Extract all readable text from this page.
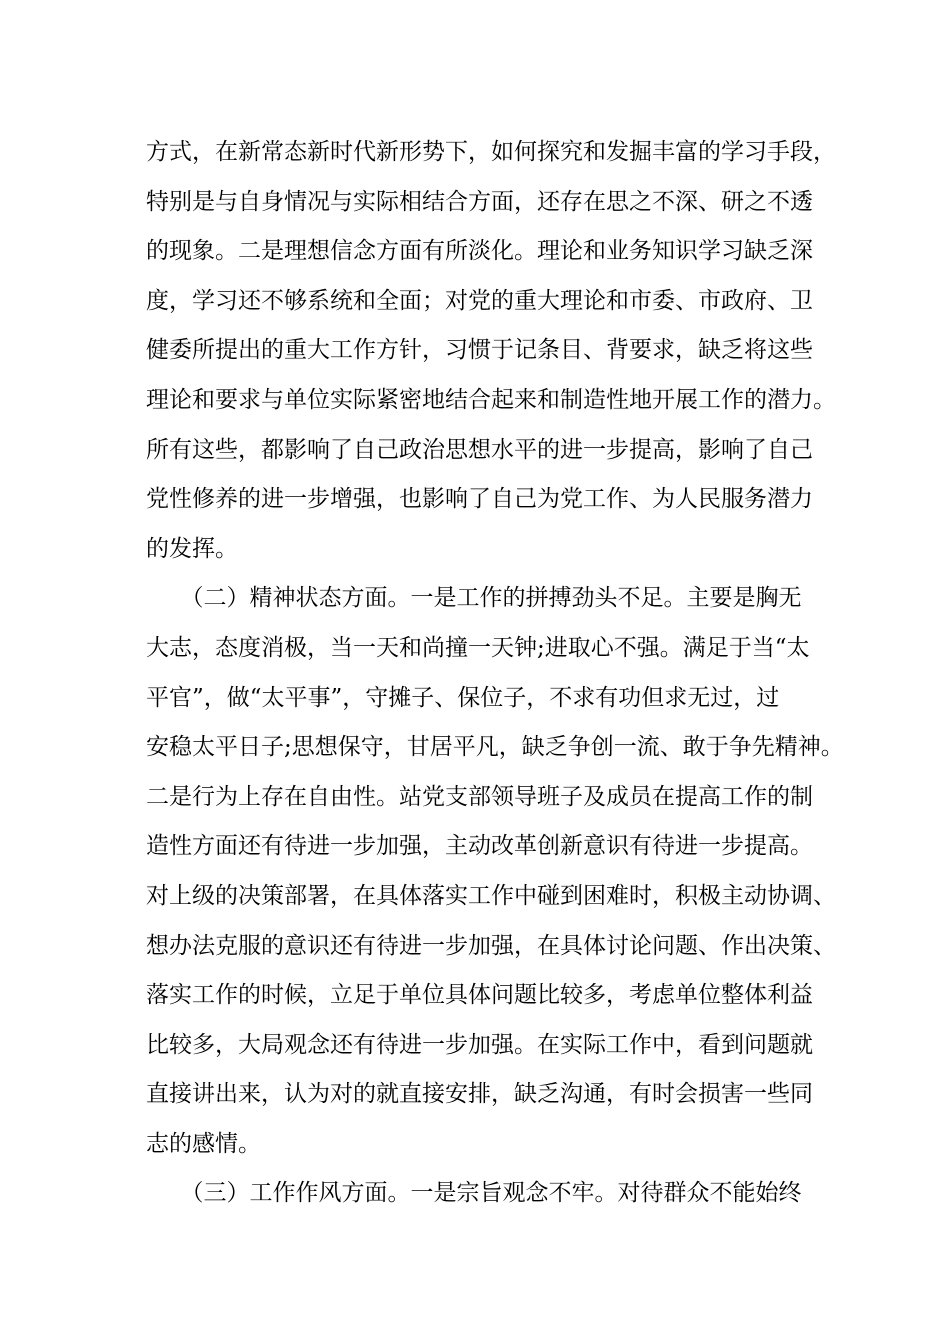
方式，在新常态新时代新形势下，如何探究和发掘丰富的学习手段，
特别是与自身情况与实际相结合方面，还存在思之不深、研之不透
的现象。二是理想信念方面有所淡化。理论和业务知识学习缺乏深
度，学习还不够系统和全面；对党的重大理论和市委、市政府、卫
健委所提出的重大工作方针，习惯于记条目、背要求，缺乏将这些
理论和要求与单位实际紧密地结合起来和制造性地开展工作的潜力。
所有这些，都影响了自己政治思想水平的进一步提高，影响了自己
党性修养的进一步增强，也影响了自己为党工作、为人民服务潜力
的发挥。
　　（二）精神状态方面。一是工作的拼搏劲头不足。主要是胸无
大志，态度消极，当一天和尚撞一天钟;进取心不强。满足于当“太
平官”，做“太平事”，守摊子、保位子，不求有功但求无过，过
安稳太平日子;思想保守，甘居平凡，缺乏争创一流、敢于争先精神。
二是行为上存在自由性。站党支部领导班子及成员在提高工作的制
造性方面还有待进一步加强，主动改革创新意识有待进一步提高。
对上级的决策部署，在具体落实工作中碰到困难时，积极主动协调、
想办法克服的意识还有待进一步加强，在具体讨论问题、作出决策、
落实工作的时候，立足于单位具体问题比较多，考虑单位整体利益
比较多，大局观念还有待进一步加强。在实际工作中，看到问题就
直接讲出来，认为对的就直接安排，缺乏沟通，有时会损害一些同
志的感情。
　　（三）工作作风方面。一是宗旨观念不牢。对待群众不能始终
